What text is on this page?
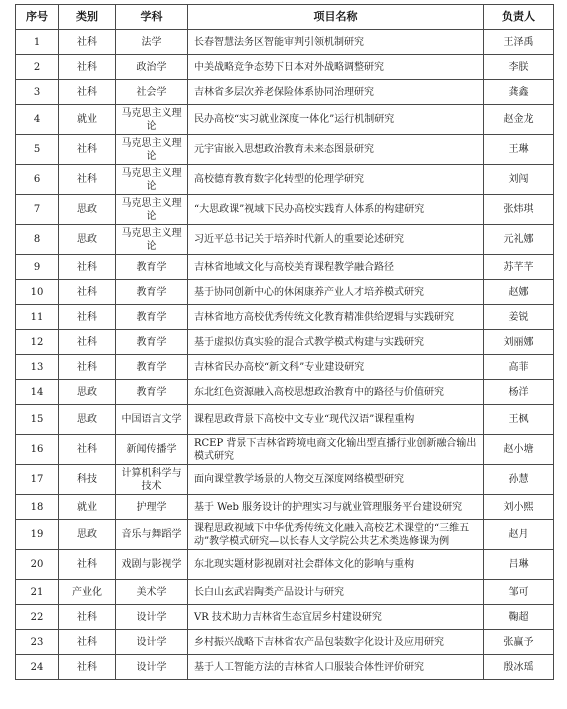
序号	类别	学科	项目名称	负责人
1	社科	法学	长春智慧法务区智能审判引领机制研究	王泽禹
2	社科	政治学	中美战略竞争态势下日本对外战略调整研究	李朕
3	社科	社会学	吉林省多层次养老保险体系协同治理研究	龚鑫
4	就业	马克思主义理论	民办高校“实习就业深度一体化”运行机制研究	赵金龙
5	社科	马克思主义理论	元宇宙嵌入思想政治教育未来态图景研究	王琳
6	社科	马克思主义理论	高校德育教育数字化转型的伦理学研究	刘闯
7	思政	马克思主义理论	“大思政课”视域下民办高校实践育人体系的构建研究	张炜琪
8	思政	马克思主义理论	习近平总书记关于培养时代新人的重要论述研究	元礼娜
9	社科	教育学	吉林省地域文化与高校美育课程教学融合路径	苏芊芊
10	社科	教育学	基于协同创新中心的休闲康养产业人才培养模式研究	赵娜
11	社科	教育学	吉林省地方高校优秀传统文化教育精准供给逻辑与实践研究	姜锐
12	社科	教育学	基于虚拟仿真实验的混合式教学模式构建与实践研究	刘丽娜
13	社科	教育学	吉林省民办高校“新文科”专业建设研究	高菲
14	思政	教育学	东北红色资源融入高校思想政治教育中的路径与价值研究	杨洋
15	思政	中国语言文学	课程思政背景下高校中文专业“现代汉语”课程重构	王枫
16	社科	新闻传播学	RCEP 背景下吉林省跨境电商文化输出型直播行业创新融合输出模式研究	赵小塘
17	科技	计算机科学与技术	面向课堂教学场景的人物交互深度网络模型研究	孙慧
18	就业	护理学	基于 Web 服务设计的护理实习与就业管理服务平台建设研究	刘小熙
19	思政	音乐与舞蹈学	课程思政视域下中华优秀传统文化融入高校艺术课堂的“三维五动”教学模式研究—以长春人文学院公共艺术类选修课为例	赵月
20	社科	戏剧与影视学	东北现实题材影视剧对社会群体文化的影响与重构	吕琳
21	产业化	美术学	长白山玄武岩陶类产品设计与研究	邹可
22	社科	设计学	VR 技术助力吉林省生态宜居乡村建设研究	鞠超
23	社科	设计学	乡村振兴战略下吉林省农产品包装数字化设计及应用研究	张赢予
24	社科	设计学	基于人工智能方法的吉林省人口服装合体性评价研究	殷冰瑶
